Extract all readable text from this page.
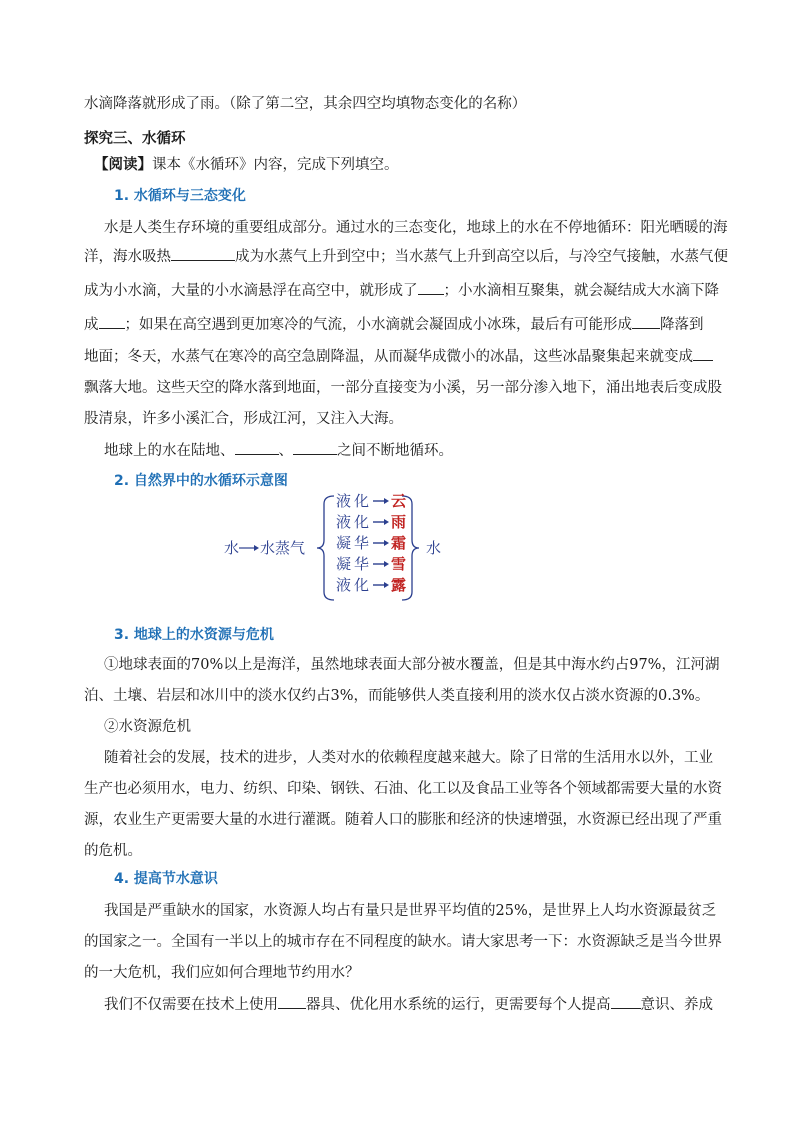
水滴降落就形成了雨。（除了第二空，其余四空均填物态变化的名称）
探究三、水循环
【阅读】课本《水循环》内容，完成下列填空。
1. 水循环与三态变化
水是人类生存环境的重要组成部分。通过水的三态变化，地球上的水在不停地循环：阳光晒暖的海
洋，海水吸热	成为水蒸气上升到空中；当水蒸气上升到高空以后，与冷空气接触，水蒸气便
成为小水滴，大量的小水滴悬浮在高空中，就形成了 ；小水滴相互聚集，就会凝结成大水滴下降
成 ；如果在高空遇到更加寒冷的气流，小水滴就会凝固成小冰珠，最后有可能形成 降落到
地面；冬天，水蒸气在寒冷的高空急剧降温，从而凝华成微小的冰晶，这些冰晶聚集起来就变成
飘落大地。这些天空的降水落到地面，一部分直接变为小溪，另一部分渗入地下，涌出地表后变成股
股清泉，许多小溪汇合，形成江河，又注入大海。
地球上的水在陆地、	、	之间不断地循环。
2. 自然界中的水循环示意图
水 水蒸气
液化 云
液化 雨
凝华 霜
凝华 雪
液化 露
水
3. 地球上的水资源与危机
①地球表面的70%以上是海洋，虽然地球表面大部分被水覆盖，但是其中海水约占97%，江河湖
泊、土壤、岩层和冰川中的淡水仅约占3%，而能够供人类直接利用的淡水仅占淡水资源的0.3%。
②水资源危机
随着社会的发展，技术的进步，人类对水的依赖程度越来越大。除了日常的生活用水以外，工业
生产也必须用水，电力、纺织、印染、钢铁、石油、化工以及食品工业等各个领域都需要大量的水资
源，农业生产更需要大量的水进行灌溉。随着人口的膨胀和经济的快速增强，水资源已经出现了严重
的危机。
4. 提高节水意识
我国是严重缺水的国家，水资源人均占有量只是世界平均值的25%，是世界上人均水资源最贫乏
的国家之一。全国有一半以上的城市存在不同程度的缺水。请大家思考一下：水资源缺乏是当今世界
的一大危机，我们应如何合理地节约用水？
我们不仅需要在技术上使用 器具、优化用水系统的运行，更需要每个人提高 意识、养成
